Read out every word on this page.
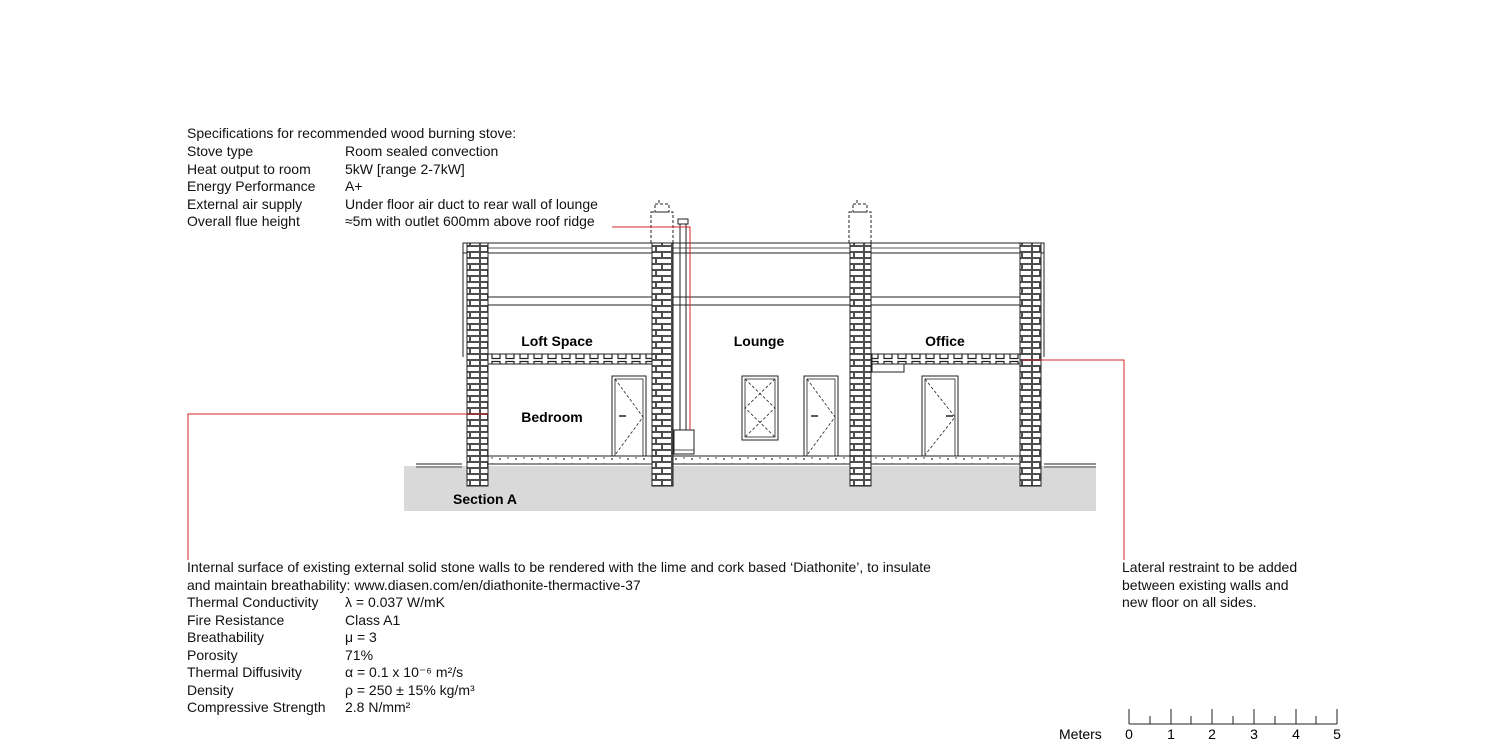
Specifications for recommended wood burning stove:
Stove type	Room sealed convection
Heat output to room 5kW [range 2-7kW]
Energy Performance A+
External air supply	Under floor air duct to rear wall of lounge
Overall flue height	≈5m with outlet 600mm above roof ridge
Loft Space	Lounge	Office
Bedroom
Section A
Meters 0 1 2 3 4 5
Internal surface of existing external solid stone walls to be rendered with the lime and cork based ‘Diathonite’, to insulate
and maintain breathability: www.diasen.com/en/diathonite-thermactive-37
Thermal Conductivity λ = 0.037 W/mK
Fire Resistance	Class A1
Breathability	μ = 3
Porosity	71%
Thermal Diffusivity	α = 0.1 x 10⁻⁶ m²/s
Density	ρ = 250 ± 15% kg/m³
Compressive Strength 2.8 N/mm²
Lateral restraint to be added
between existing walls and
new floor on all sides.
